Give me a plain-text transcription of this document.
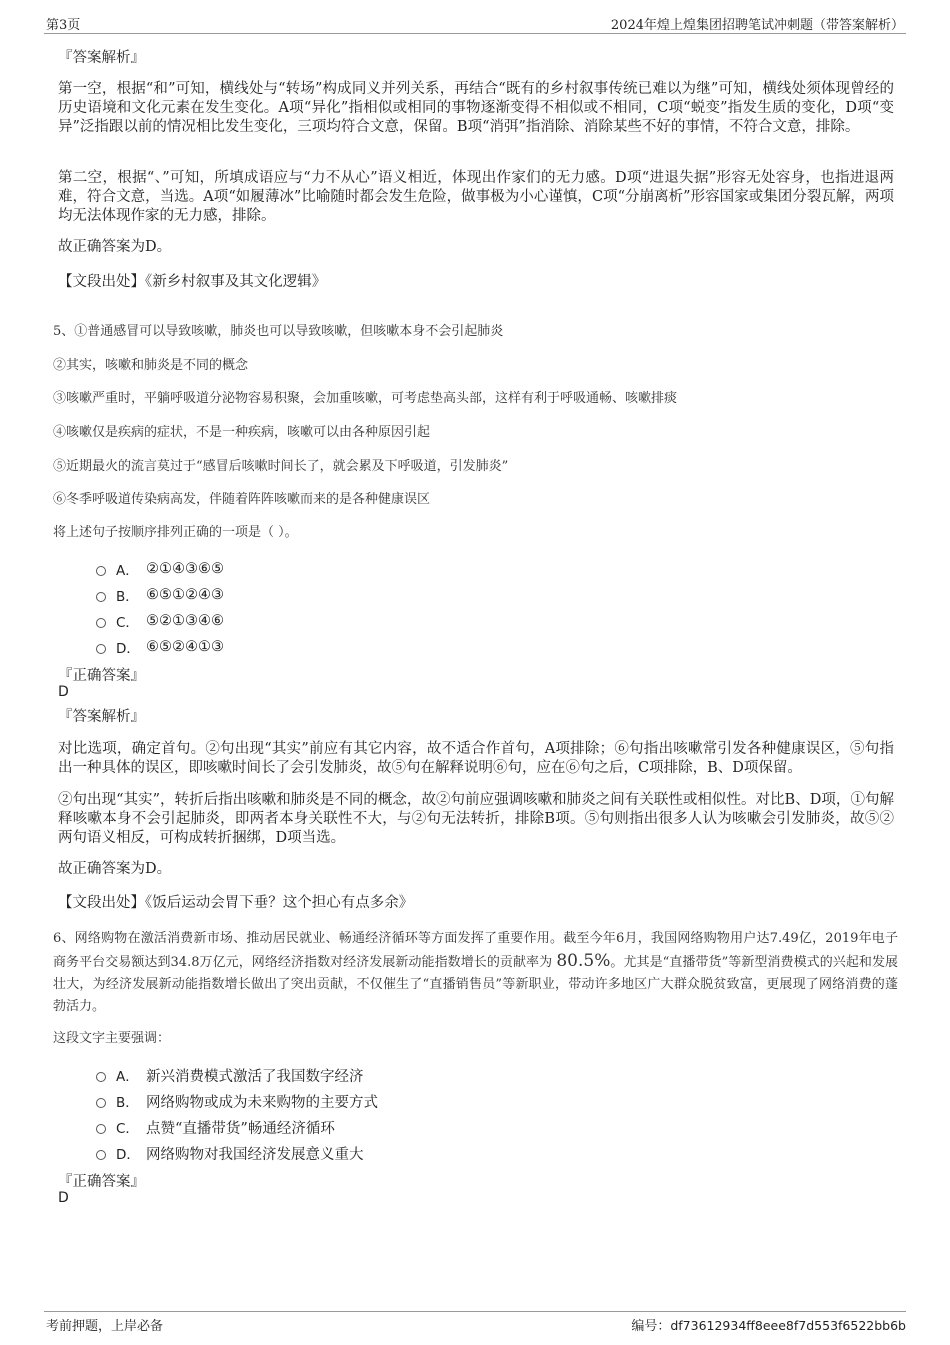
第3页	2024年煌上煌集团招聘笔试冲刺题（带答案解析）
『答案解析』
第一空，根据“和”可知，横线处与“转场”构成同义并列关系，再结合“既有的乡村叙事传统已难以为继”可知，横线处须体现曾经的历史语境和文化元素在发生变化。A项“异化”指相似或相同的事物逐渐变得不相似或不相同，C项“蜕变”指发生质的变化，D项“变异”泛指跟以前的情况相比发生变化，三项均符合文意，保留。B项“消弭”指消除、消除某些不好的事情，不符合文意，排除。
第二空，根据“、”可知，所填成语应与“力不从心”语义相近，体现出作家们的无力感。D项“进退失据”形容无处容身，也指进退两难，符合文意，当选。A项“如履薄冰”比喻随时都会发生危险，做事极为小心谨慎，C项“分崩离析”形容国家或集团分裂瓦解，两项均无法体现作家的无力感，排除。
故正确答案为D。
【文段出处】《新乡村叙事及其文化逻辑》
5、①普通感冒可以导致咳嗽，肺炎也可以导致咳嗽，但咳嗽本身不会引起肺炎
②其实，咳嗽和肺炎是不同的概念
③咳嗽严重时，平躺呼吸道分泌物容易积聚，会加重咳嗽，可考虑垫高头部，这样有利于呼吸通畅、咳嗽排痰
④咳嗽仅是疾病的症状，不是一种疾病，咳嗽可以由各种原因引起
⑤近期最火的流言莫过于“感冒后咳嗽时间长了，就会累及下呼吸道，引发肺炎”
⑥冬季呼吸道传染病高发，伴随着阵阵咳嗽而来的是各种健康误区
将上述句子按顺序排列正确的一项是（ ）。
A． ②①④③⑥⑤
B． ⑥⑤①②④③
C． ⑤②①③④⑥
D． ⑥⑤②④①③
『正确答案』
D
『答案解析』
对比选项，确定首句。②句出现“其实”前应有其它内容，故不适合作首句，A项排除；⑥句指出咳嗽常引发各种健康误区，⑤句指出一种具体的误区，即咳嗽时间长了会引发肺炎，故⑤句在解释说明⑥句，应在⑥句之后，C项排除，B、D项保留。
②句出现“其实”，转折后指出咳嗽和肺炎是不同的概念，故②句前应强调咳嗽和肺炎之间有关联性或相似性。对比B、D项，①句解释咳嗽本身不会引起肺炎，即两者本身关联性不大，与②句无法转折，排除B项。⑤句则指出很多人认为咳嗽会引发肺炎，故⑤②两句语义相反，可构成转折捆绑，D项当选。
故正确答案为D。
【文段出处】《饭后运动会胃下垂？这个担心有点多余》
6、网络购物在激活消费新市场、推动居民就业、畅通经济循环等方面发挥了重要作用。截至今年6月，我国网络购物用户达7.49亿，2019年电子商务平台交易额达到34.8万亿元，网络经济指数对经济发展新动能指数增长的贡献率为 80.5%。尤其是“直播带货”等新型消费模式的兴起和发展壮大，为经济发展新动能指数增长做出了突出贡献，不仅催生了“直播销售员”等新职业，带动许多地区广大群众脱贫致富，更展现了网络消费的蓬勃活力。
这段文字主要强调：
A． 新兴消费模式激活了我国数字经济
B． 网络购物或成为未来购物的主要方式
C． 点赞“直播带货”畅通经济循环
D． 网络购物对我国经济发展意义重大
『正确答案』
D
考前押题，上岸必备	编号：df73612934ff8eee8f7d553f6522bb6b
